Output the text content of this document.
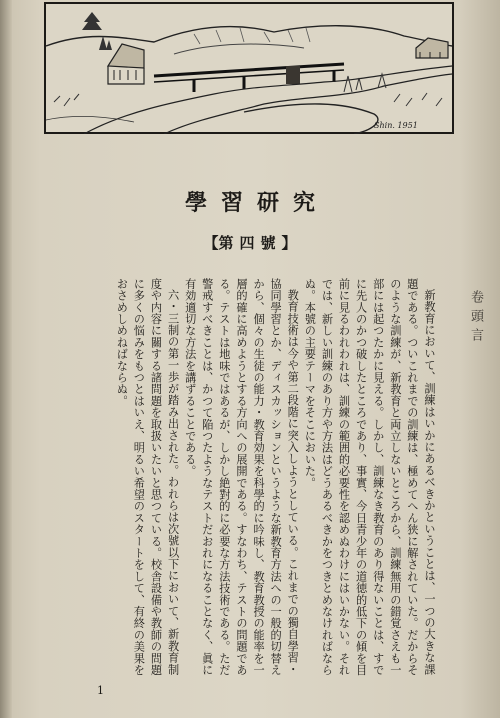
Shin. 1951
學習研究
【第四號】

新教育において、訓練はいかにあるべきかということは、一つの大きな課題である。ついこれまでの訓練は、極めてへん狭に解されていた。だからそのような訓練が、新教育と両立しないところから、訓練無用の錯覚さえも一部には起つたかに見える。しかし、訓練なき教育のあり得ないことは、すでに先人のかつ破したところであり、事實、今日青少年の道徳的低下の傾を目前に見るわれわれは、訓練の範囲的必要性を認めぬわけにはいかない。それでは、新しい訓練のあり方や方法はどうあるべきかをつきとめなければならぬ。本號の主要テーマをそこにおいた。

教育技術は今や第二段階に突入しようとしている。これまでの獨自學習・協同學習とか、ディスカッションというような新教育方法への一般的切替えから、個々の生徒の能力・教育効果を科學的に吟味し、教育教授の能率を一層的確に高めようとする方向への展開である。すなわち、テストの問題である。テストは地味ではあるが、しかし絶對的に必要な方法技術である。ただ警戒すべきことは、かつて陥つたようなテストだおれになることなく、眞に有効適切な方法を講ずることである。

六・三制の第一歩が踏み出された。われらは次號以下において、新教育制度や内容に關する諸問題を取扱いたいと思つている。校舎設備や教師の問題に多くの悩みをもつとはいえ、明るい希望のスタートをして、有終の美果をおさめしめねばならぬ。	卷頭言
1
